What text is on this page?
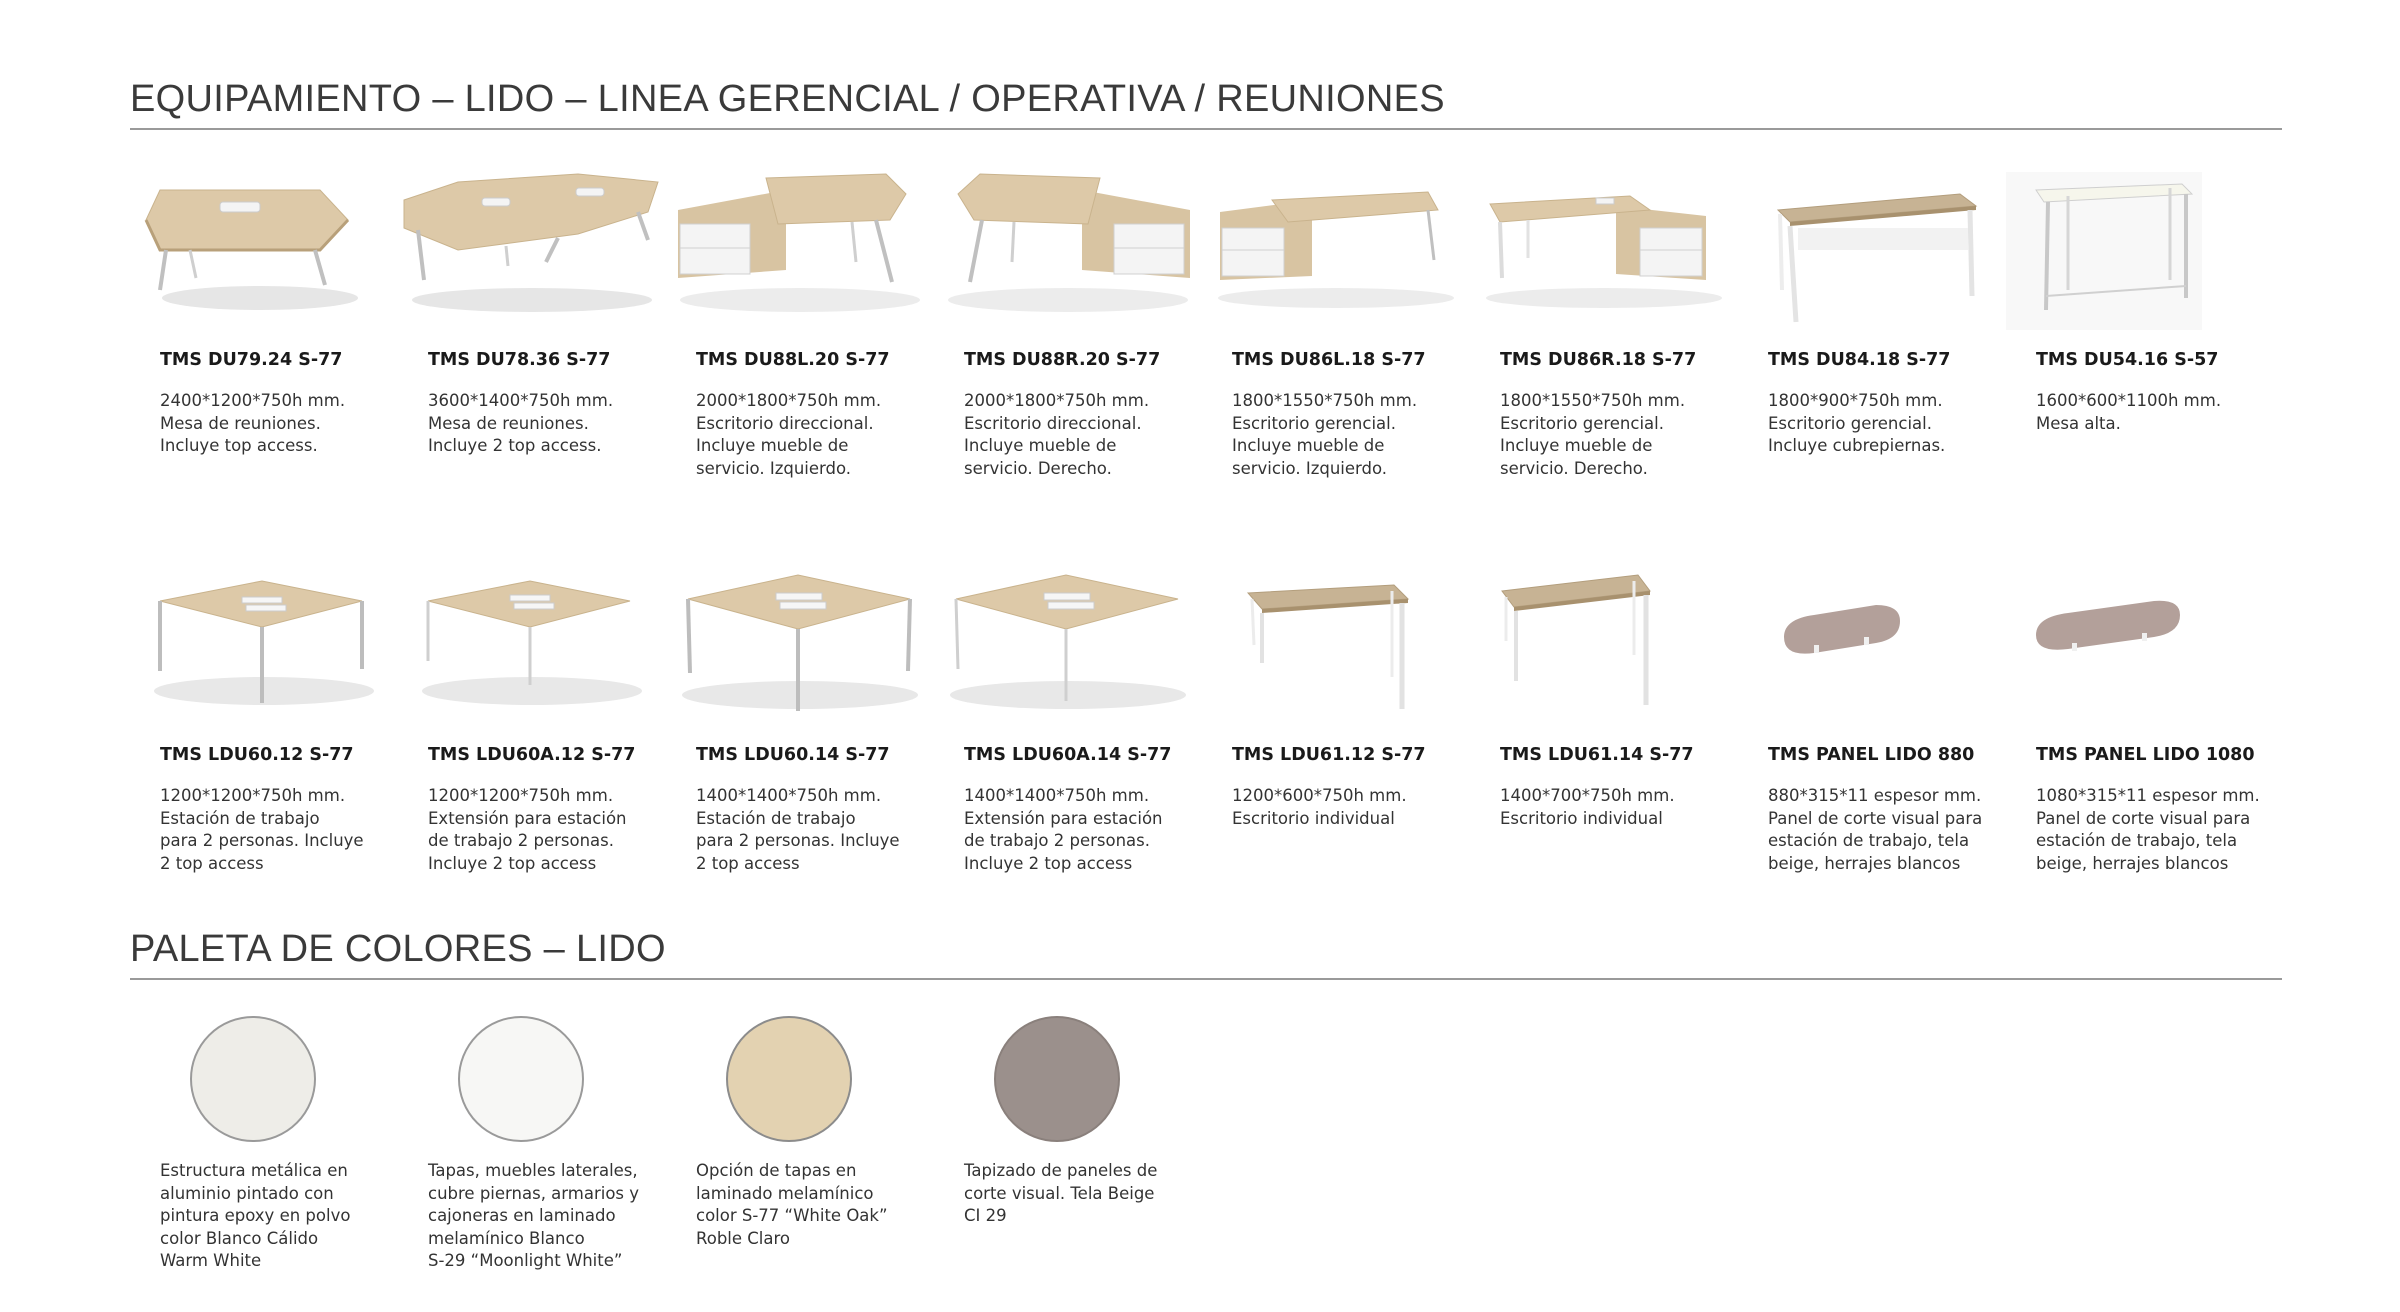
EQUIPAMIENTO – LIDO – LINEA GERENCIAL / OPERATIVA / REUNIONES
TMS DU79.24 S-77
2400*1200*750h mm.
Mesa de reuniones.
Incluye top access.
TMS DU78.36 S-77
3600*1400*750h mm.
Mesa de reuniones.
Incluye 2 top access.
TMS DU88L.20 S-77
2000*1800*750h mm.
Escritorio direccional.
Incluye mueble de
servicio. Izquierdo.
TMS DU88R.20 S-77
2000*1800*750h mm.
Escritorio direccional.
Incluye mueble de
servicio. Derecho.
TMS DU86L.18 S-77
1800*1550*750h mm.
Escritorio gerencial.
Incluye mueble de
servicio. Izquierdo.
TMS DU86R.18 S-77
1800*1550*750h mm.
Escritorio gerencial.
Incluye mueble de
servicio. Derecho.
TMS DU84.18 S-77
1800*900*750h mm.
Escritorio gerencial.
Incluye cubrepiernas.
TMS DU54.16 S-57
1600*600*1100h mm.
Mesa alta.
TMS LDU60.12 S-77
1200*1200*750h mm.
Estación de trabajo
para 2 personas. Incluye
2 top access
TMS LDU60A.12 S-77
1200*1200*750h mm.
Extensión para estación
de trabajo 2 personas.
Incluye 2 top access
TMS LDU60.14 S-77
1400*1400*750h mm.
Estación de trabajo
para 2 personas. Incluye
2 top access
TMS LDU60A.14 S-77
1400*1400*750h mm.
Extensión para estación
de trabajo 2 personas.
Incluye 2 top access
TMS LDU61.12 S-77
1200*600*750h mm.
Escritorio individual
TMS LDU61.14 S-77
1400*700*750h mm.
Escritorio individual
TMS PANEL LIDO 880
880*315*11 espesor mm.
Panel de corte visual para
estación de trabajo, tela
beige, herrajes blancos
TMS PANEL LIDO 1080
1080*315*11 espesor mm.
Panel de corte visual para
estación de trabajo, tela
beige, herrajes blancos
PALETA DE COLORES – LIDO
Estructura metálica en
aluminio pintado con
pintura epoxy en polvo
color Blanco Cálido
Warm White
Tapas, muebles laterales,
cubre piernas, armarios y
cajoneras en laminado
melamínico Blanco
S-29 “Moonlight White”
Opción de tapas en
laminado melamínico
color S-77 “White Oak”
Roble Claro
Tapizado de paneles de
corte visual. Tela Beige
CI 29
